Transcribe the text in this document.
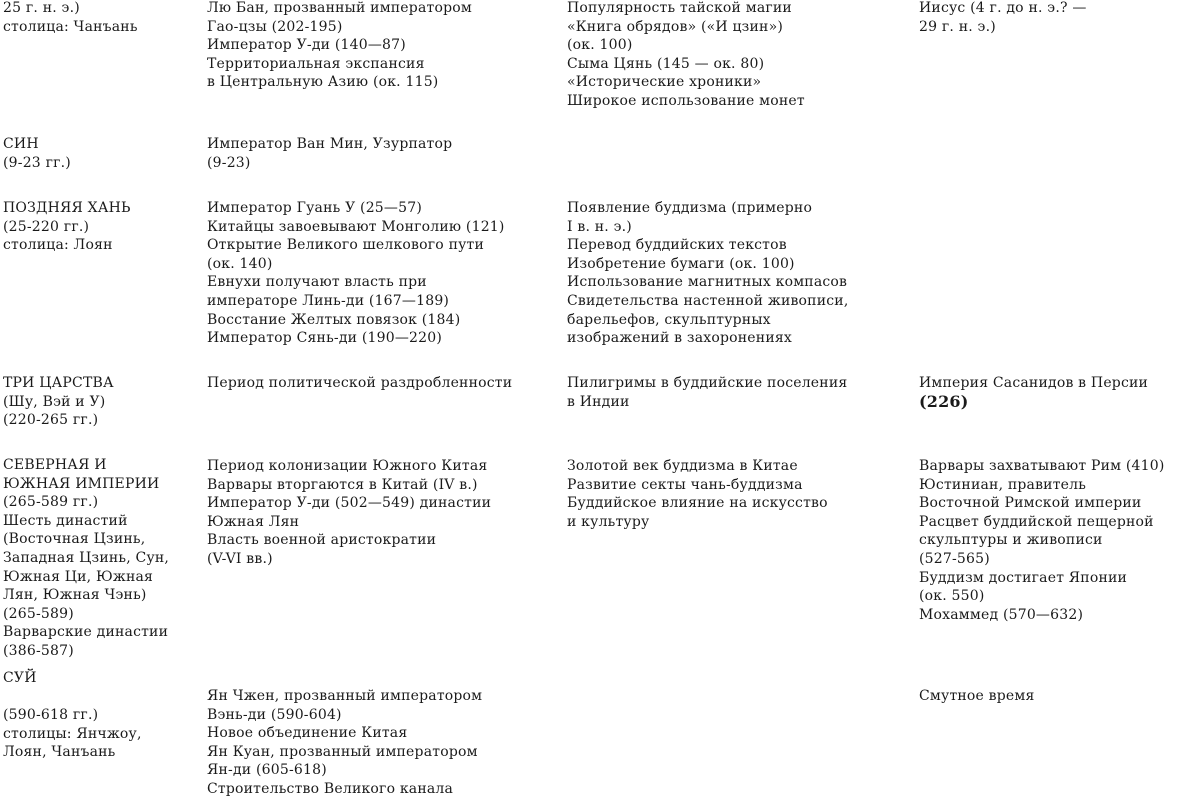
25 г. н. э.)
столица: Чанъань
Лю Бан, прозванный императором
Гао-цзы (202-195)
Император У-ди (140—87)
Территориальная экспансия
в Центральную Азию (ок. 115)
Популярность тайской магии
«Книга обрядов» («И цзин»)
(ок. 100)
Сыма Цянь (145 — ок. 80)
«Исторические хроники»
Широкое использование монет
Иисус (4 г. до н. э.? —
29 г. н. э.)
СИН
(9-23 гг.)
Император Ван Мин, Узурпатор
(9-23)
ПОЗДНЯЯ ХАНЬ
(25-220 гг.)
столица: Лоян
Император Гуань У (25—57)
Китайцы завоевывают Монголию (121)
Открытие Великого шелкового пути
(ок. 140)
Евнухи получают власть при
императоре Линь-ди (167—189)
Восстание Желтых повязок (184)
Император Сянь-ди (190—220)
Появление буддизма (примерно
I в. н. э.)
Перевод буддийских текстов
Изобретение бумаги (ок. 100)
Использование магнитных компасов
Свидетельства настенной живописи,
барельефов, скульптурных
изображений в захоронениях
ТРИ ЦАРСТВА
(Шу, Вэй и У)
(220-265 гг.)
Период политической раздробленности	Пилигримы в буддийские поселения
в Индии
Империя Сасанидов в Персии
(226)
СЕВЕРНАЯ И
ЮЖНАЯ ИМПЕРИИ
(265-589 гг.)
Шесть династий
(Восточная Цзинь,
Западная Цзинь, Сун,
Южная Ци, Южная
Лян, Южная Чэнь)
(265-589)
Варварские династии
(386-587)
Период колонизации Южного Китая
Варвары вторгаются в Китай (IV в.)
Император У-ди (502—549) династии
Южная Лян
Власть военной аристократии
(V-VI вв.)
Золотой век буддизма в Китае
Развитие секты чань-буддизма
Буддийское влияние на искусство
и культуру
Варвары захватывают Рим (410)
Юстиниан, правитель
Восточной Римской империи
Расцвет буддийской пещерной
скульптуры и живописи
(527-565)
Буддизм достигает Японии
(ок. 550)
Мохаммед (570—632)
СУЙ
(590-618 гг.)
столицы: Янчжоу,
Лоян, Чанъань
Ян Чжен, прозванный императором
Вэнь-ди (590-604)
Новое объединение Китая
Ян Куан, прозванный императором
Ян-ди (605-618)
Строительство Великого канала
Смутное время
